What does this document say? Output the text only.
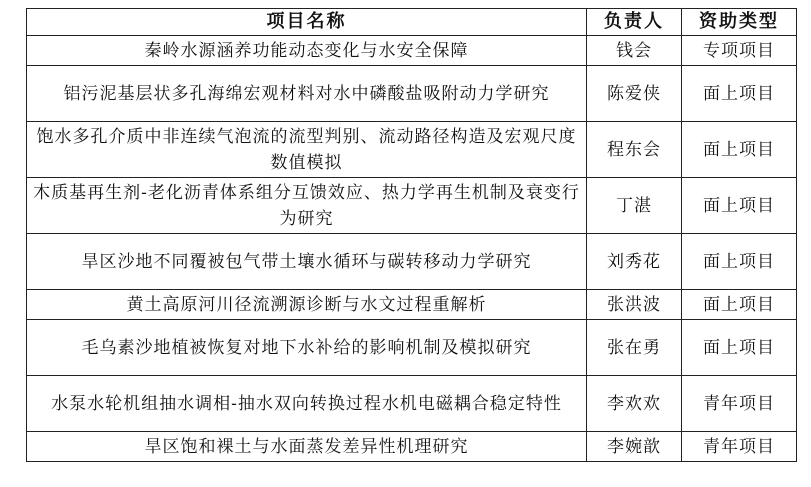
项目名称	负责人	资助类型
秦岭水源涵养功能动态变化与水安全保障	钱会	专项项目
铝污泥基层状多孔海绵宏观材料对水中磷酸盐吸附动力学研究	陈爱侠	面上项目
饱水多孔介质中非连续气泡流的流型判别、流动路径构造及宏观尺度数值模拟	程东会	面上项目
木质基再生剂-老化沥青体系组分互馈效应、热力学再生机制及衰变行为研究	丁湛	面上项目
旱区沙地不同覆被包气带土壤水循环与碳转移动力学研究	刘秀花	面上项目
黄土高原河川径流溯源诊断与水文过程重解析	张洪波	面上项目
毛乌素沙地植被恢复对地下水补给的影响机制及模拟研究	张在勇	面上项目
水泵水轮机组抽水调相-抽水双向转换过程水机电磁耦合稳定特性	李欢欢	青年项目
旱区饱和裸土与水面蒸发差异性机理研究	李婉歆	青年项目
